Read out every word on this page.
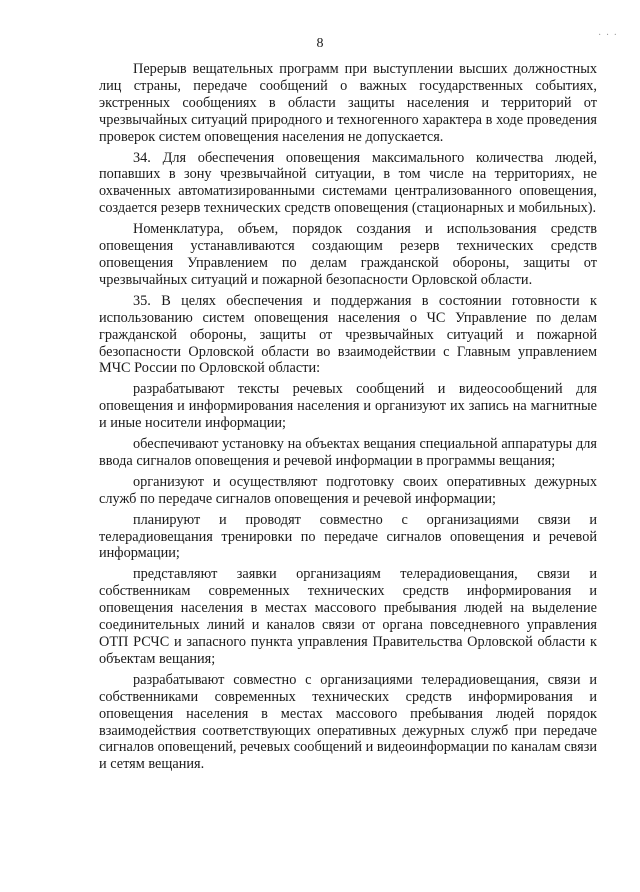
8
· · ·

Перерыв вещательных программ при выступлении высших должностных лиц страны, передаче сообщений о важных государственных событиях, экстренных сообщениях в области защиты населения и территорий от чрезвычайных ситуаций природного и техногенного характера в ходе проведения проверок систем оповещения населения не допускается.

34. Для обеспечения оповещения максимального количества людей, попавших в зону чрезвычайной ситуации, в том числе на территориях, не охваченных автоматизированными системами централизованного оповещения, создается резерв технических средств оповещения (стационарных и мобильных).

Номенклатура, объем, порядок создания и использования средств оповещения устанавливаются создающим резерв технических средств оповещения Управлением по делам гражданской обороны, защиты от чрезвычайных ситуаций и пожарной безопасности Орловской области.

35. В целях обеспечения и поддержания в состоянии готовности к использованию систем оповещения населения о ЧС Управление по делам гражданской обороны, защиты от чрезвычайных ситуаций и пожарной безопасности Орловской области во взаимодействии с Главным управлением МЧС России по Орловской области:

разрабатывают тексты речевых сообщений и видеосообщений для оповещения и информирования населения и организуют их запись на магнитные и иные носители информации;

обеспечивают установку на объектах вещания специальной аппаратуры для ввода сигналов оповещения и речевой информации в программы вещания;

организуют и осуществляют подготовку своих оперативных дежурных служб по передаче сигналов оповещения и речевой информации;

планируют и проводят совместно с организациями связи и телерадиовещания тренировки по передаче сигналов оповещения и речевой информации;

представляют заявки организациям телерадиовещания, связи и собственникам современных технических средств информирования и оповещения населения в местах массового пребывания людей на выделение соединительных линий и каналов связи от органа повседневного управления ОТП РСЧС и запасного пункта управления Правительства Орловской области к объектам вещания;

разрабатывают совместно с организациями телерадиовещания, связи и собственниками современных технических средств информирования и оповещения населения в местах массового пребывания людей порядок взаимодействия соответствующих оперативных дежурных служб при передаче сигналов оповещений, речевых сообщений и видеоинформации по каналам связи и сетям вещания.
